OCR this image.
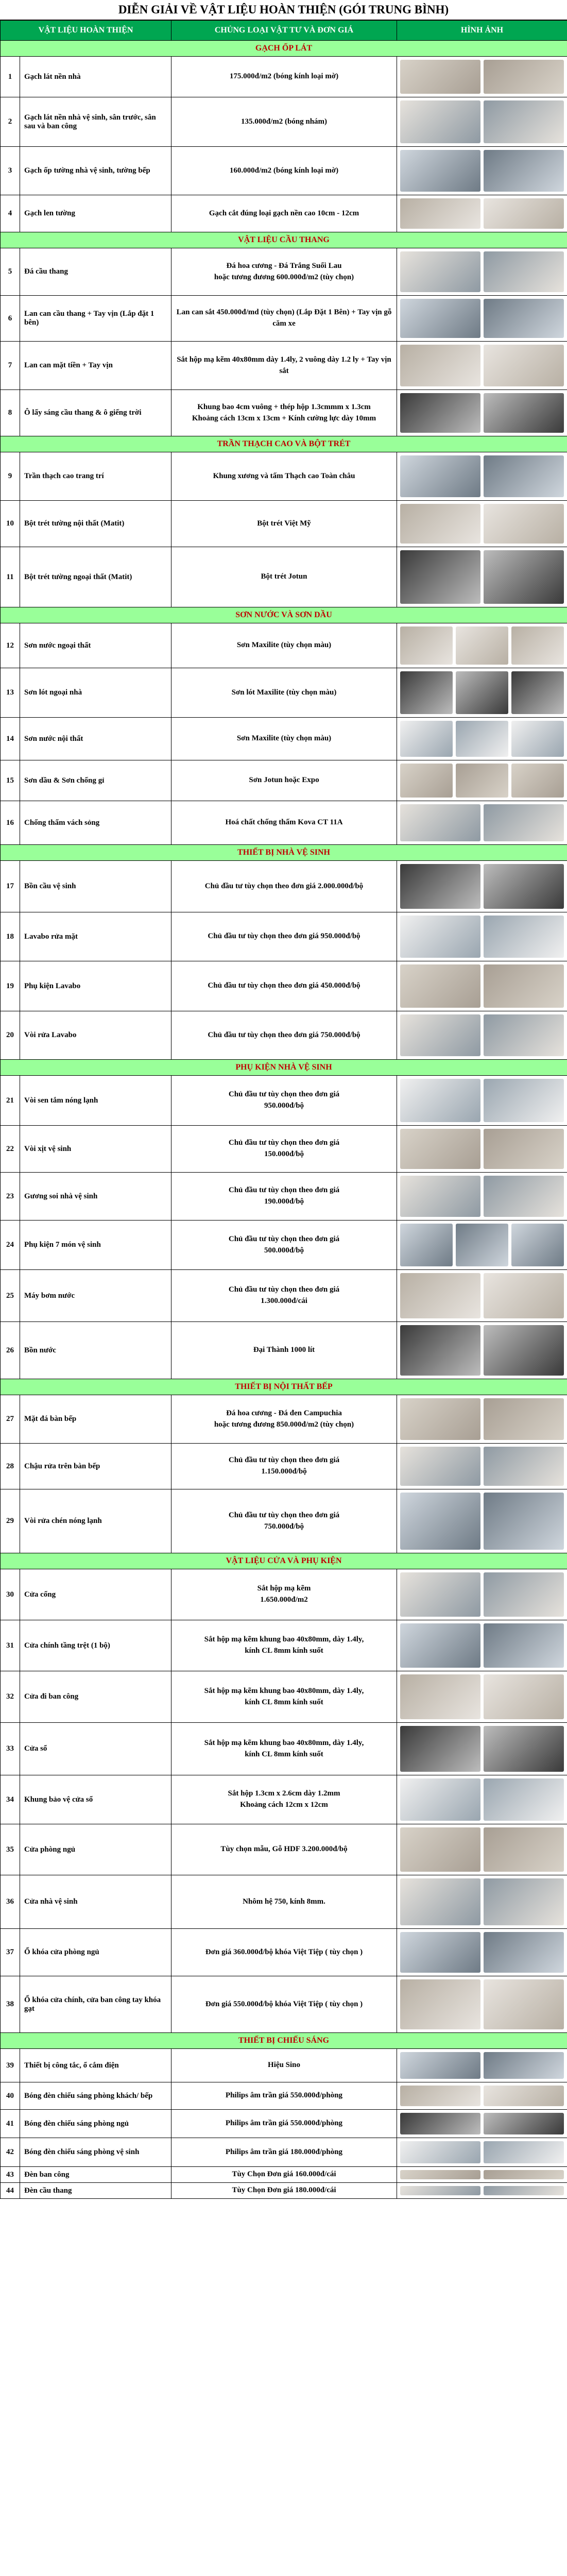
DIỄN GIẢI VỀ VẬT LIỆU HOÀN THIỆN (GÓI TRUNG BÌNH)
VẬT LIỆU HOÀN THIỆN		CHỦNG LOẠI VẬT TƯ VÀ ĐƠN GIÁ	HÌNH ẢNH
GẠCH ỐP LÁT			
1	Gạch lát nền nhà	175.000đ/m2 (bóng kính loại mờ)	

2	Gạch lát nền nhà vệ sinh, sân trước, sân sau và ban công	135.000đ/m2 (bóng nhám)	

3	Gạch ốp tường nhà vệ sinh, tường bếp	160.000đ/m2 (bóng kính loại mờ)	

4	Gạch len tường	Gạch cắt đúng loại gạch nền cao 10cm - 12cm	

VẬT LIỆU CẦU THANG			
5	Đá cầu thang	Đá hoa cương - Đá Trắng Suối Lau
hoặc tương đương 600.000đ/m2 (tùy chọn)	

6	Lan can cầu thang + Tay vịn (Lắp đặt 1 bên)	Lan can sắt 450.000đ/md (tùy chọn) (Lắp Đặt 1 Bên) + Tay vịn gỗ căm xe	

7	Lan can mặt tiền + Tay vịn	Sắt hộp mạ kẽm 40x80mm dày 1.4ly, 2 vuông dày 1.2 ly + Tay vịn sắt	

8	Ô lấy sáng cầu thang & ô giếng trời	Khung bao 4cm vuông + thép hộp 1.3cmmm x 1.3cm
Khoảng cách 13cm x 13cm + Kính cường lực dày 10mm	

TRẦN THẠCH CAO VÀ BỘT TRÉT			
9	Trần thạch cao trang trí	Khung xương và tấm Thạch cao Toàn châu	

10	Bột trét tường nội thất (Matit)	Bột trét Việt Mỹ	

11	Bột trét tường ngoại thất (Matit)	Bột trét Jotun	

SƠN NƯỚC VÀ SƠN DẦU			
12	Sơn nước ngoại thất	Sơn Maxilite (tùy chọn màu)	

13	Sơn lót ngoại nhà	Sơn lót Maxilite (tùy chọn màu)	

14	Sơn nước nội thất	Sơn Maxilite (tùy chọn màu)	

15	Sơn dầu & Sơn chống gỉ	Sơn Jotun hoặc Expo	

16	Chống thấm vách sỏng	Hoá chất chống thấm Kova CT 11A	

THIẾT BỊ NHÀ VỆ SINH			
17	Bồn cầu vệ sinh	Chủ đầu tư tùy chọn theo đơn giá 2.000.000đ/bộ	

18	Lavabo rửa mặt	Chủ đầu tư tùy chọn theo đơn giá 950.000đ/bộ	

19	Phụ kiện Lavabo	Chủ đầu tư tùy chọn theo đơn giá 450.000đ/bộ	

20	Vòi rửa Lavabo	Chủ đầu tư tùy chọn theo đơn giá 750.000đ/bộ	

PHỤ KIỆN NHÀ VỆ SINH			
21	Vòi sen tắm nóng lạnh	Chủ đầu tư tùy chọn theo đơn giá
950.000đ/bộ	

22	Vòi xịt vệ sinh	Chủ đầu tư tùy chọn theo đơn giá
150.000đ/bộ	

23	Gương soi nhà vệ sinh	Chủ đầu tư tùy chọn theo đơn giá
190.000đ/bộ	

24	Phụ kiện 7 món vệ sinh	Chủ đầu tư tùy chọn theo đơn giá
500.000đ/bộ	

25	Máy bơm nước	Chủ đầu tư tùy chọn theo đơn giá
1.300.000đ/cái	

26	Bồn nước	Đại Thành 1000 lít	

THIẾT BỊ NỘI THẤT BẾP			
27	Mặt đá bàn bếp	Đá hoa cương - Đá đen Campuchia
hoặc tương đương 850.000đ/m2 (tùy chọn)	

28	Chậu rửa trên bàn bếp	Chủ đầu tư tùy chọn theo đơn giá
1.150.000đ/bộ	

29	Vòi rửa chén nóng lạnh	Chủ đầu tư tùy chọn theo đơn giá
750.000đ/bộ	

VẬT LIỆU CỬA VÀ PHỤ KIỆN			
30	Cửa cổng	Sắt hộp mạ kẽm
1.650.000đ/m2	

31	Cửa chính tầng trệt (1 bộ)	Sắt hộp mạ kẽm khung bao 40x80mm, dày 1.4ly,
kính CL 8mm kính suốt	

32	Cửa đi ban công	Sắt hộp mạ kẽm khung bao 40x80mm, dày 1.4ly,
kính CL 8mm kính suốt	

33	Cửa sổ	Sắt hộp mạ kẽm khung bao 40x80mm, dày 1.4ly,
kính CL 8mm kính suốt	

34	Khung bảo vệ cửa sổ	Sắt hộp 1.3cm x 2.6cm dày 1.2mm
Khoảng cách 12cm x 12cm	

35	Cửa phòng ngủ	Tùy chọn mẫu, Gỗ HDF 3.200.000đ/bộ	

36	Cửa nhà vệ sinh	Nhôm hệ 750, kính 8mm.	

37	Ổ khóa cửa phòng ngủ	Đơn giá 360.000đ/bộ khóa Việt Tiệp ( tùy chọn )	

38	Ổ khóa cửa chính, cửa ban công tay khóa gạt	Đơn giá 550.000đ/bộ khóa Việt Tiệp ( tùy chọn )	

THIẾT BỊ CHIẾU SÁNG			
39	Thiết bị công tắc, ổ cắm điện	Hiệu Sino	

40	Bóng đèn chiếu sáng phòng khách/ bếp	Philips âm trần giá 550.000đ/phòng	

41	Bóng đèn chiếu sáng phòng ngủ	Philips âm trần giá 550.000đ/phòng	

42	Bóng đèn chiếu sáng phòng vệ sinh	Philips âm trần giá 180.000đ/phòng	

43	Đèn ban công	Tùy Chọn Đơn giá 160.000đ/cái	

44	Đèn cầu thang	Tùy Chọn Đơn giá 180.000đ/cái	
